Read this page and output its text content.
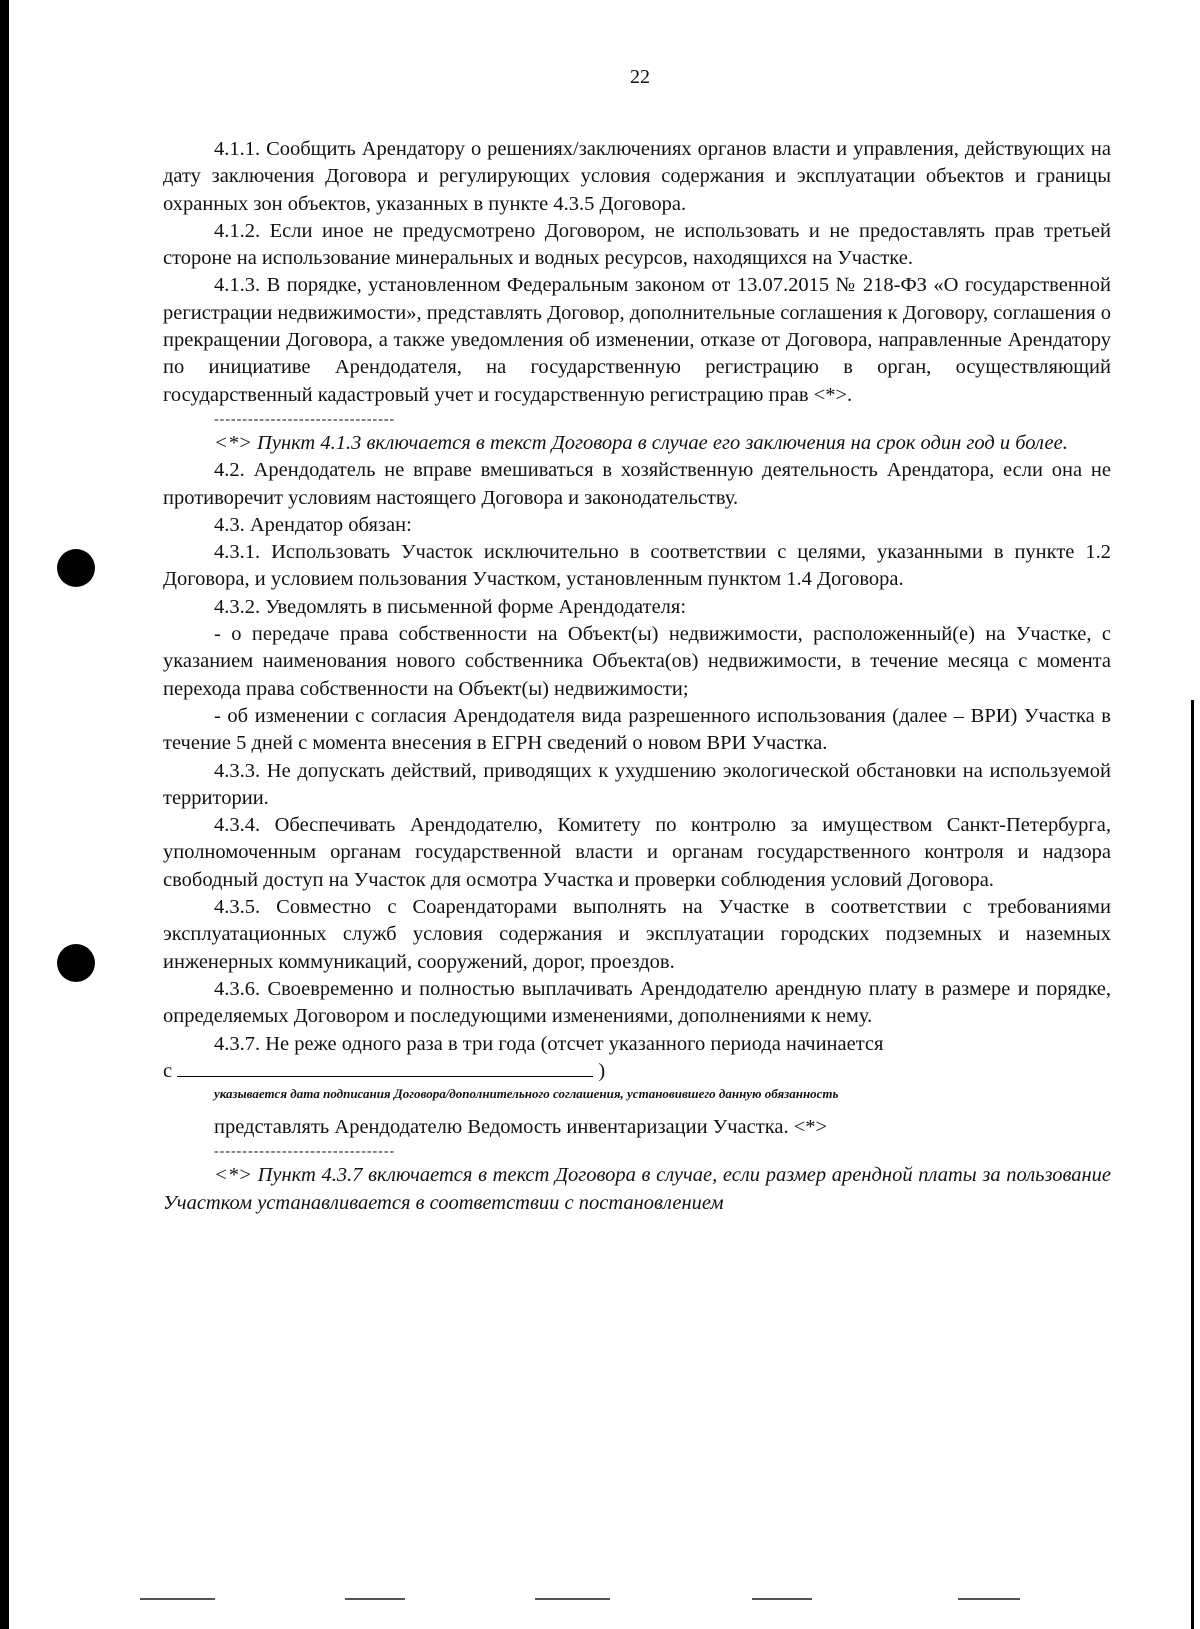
22

4.1.1. Сообщить Арендатору о решениях/заключениях органов власти и управления, действующих на дату заключения Договора и регулирующих условия содержания и эксплуатации объектов и границы охранных зон объектов, указанных в пункте 4.3.5 Договора.

4.1.2. Если иное не предусмотрено Договором, не использовать и не предоставлять прав третьей стороне на использование минеральных и водных ресурсов, находящихся на Участке.

4.1.3. В порядке, установленном Федеральным законом от 13.07.2015 № 218-ФЗ «О государственной регистрации недвижимости», представлять Договор, дополнительные соглашения к Договору, соглашения о прекращении Договора, а также уведомления об изменении, отказе от Договора, направленные Арендатору по инициативе Арендодателя, на государственную регистрацию в орган, осуществляющий государственный кадастровый учет и государственную регистрацию прав <*>.

--------------------------------

<*> Пункт 4.1.3 включается в текст Договора в случае его заключения на срок один год и более.

4.2. Арендодатель не вправе вмешиваться в хозяйственную деятельность Арендатора, если она не противоречит условиям настоящего Договора и законодательству.

4.3. Арендатор обязан:

4.3.1. Использовать Участок исключительно в соответствии с целями, указанными в пункте 1.2 Договора, и условием пользования Участком, установленным пунктом 1.4 Договора.

4.3.2. Уведомлять в письменной форме Арендодателя:

- о передаче права собственности на Объект(ы) недвижимости, расположенный(е) на Участке, с указанием наименования нового собственника Объекта(ов) недвижимости, в течение месяца с момента перехода права собственности на Объект(ы) недвижимости;

- об изменении с согласия Арендодателя вида разрешенного использования (далее – ВРИ) Участка в течение 5 дней с момента внесения в ЕГРН сведений о новом ВРИ Участка.

4.3.3. Не допускать действий, приводящих к ухудшению экологической обстановки на используемой территории.

4.3.4. Обеспечивать Арендодателю, Комитету по контролю за имуществом Санкт-Петербурга, уполномоченным органам государственной власти и органам государственного контроля и надзора свободный доступ на Участок для осмотра Участка и проверки соблюдения условий Договора.

4.3.5. Совместно с Соарендаторами выполнять на Участке в соответствии с требованиями эксплуатационных служб условия содержания и эксплуатации городских подземных и наземных инженерных коммуникаций, сооружений, дорог, проездов.

4.3.6. Своевременно и полностью выплачивать Арендодателю арендную плату в размере и порядке, определяемых Договором и последующими изменениями, дополнениями к нему.

4.3.7. Не реже одного раза в три года (отсчет указанного периода начинается

с	)

указывается дата подписания Договора/дополнительного соглашения, установившего данную обязанность

представлять Арендодателю Ведомость инвентаризации Участка. <*>

--------------------------------

<*> Пункт 4.3.7 включается в текст Договора в случае, если размер арендной платы за пользование Участком устанавливается в соответствии с постановлением
